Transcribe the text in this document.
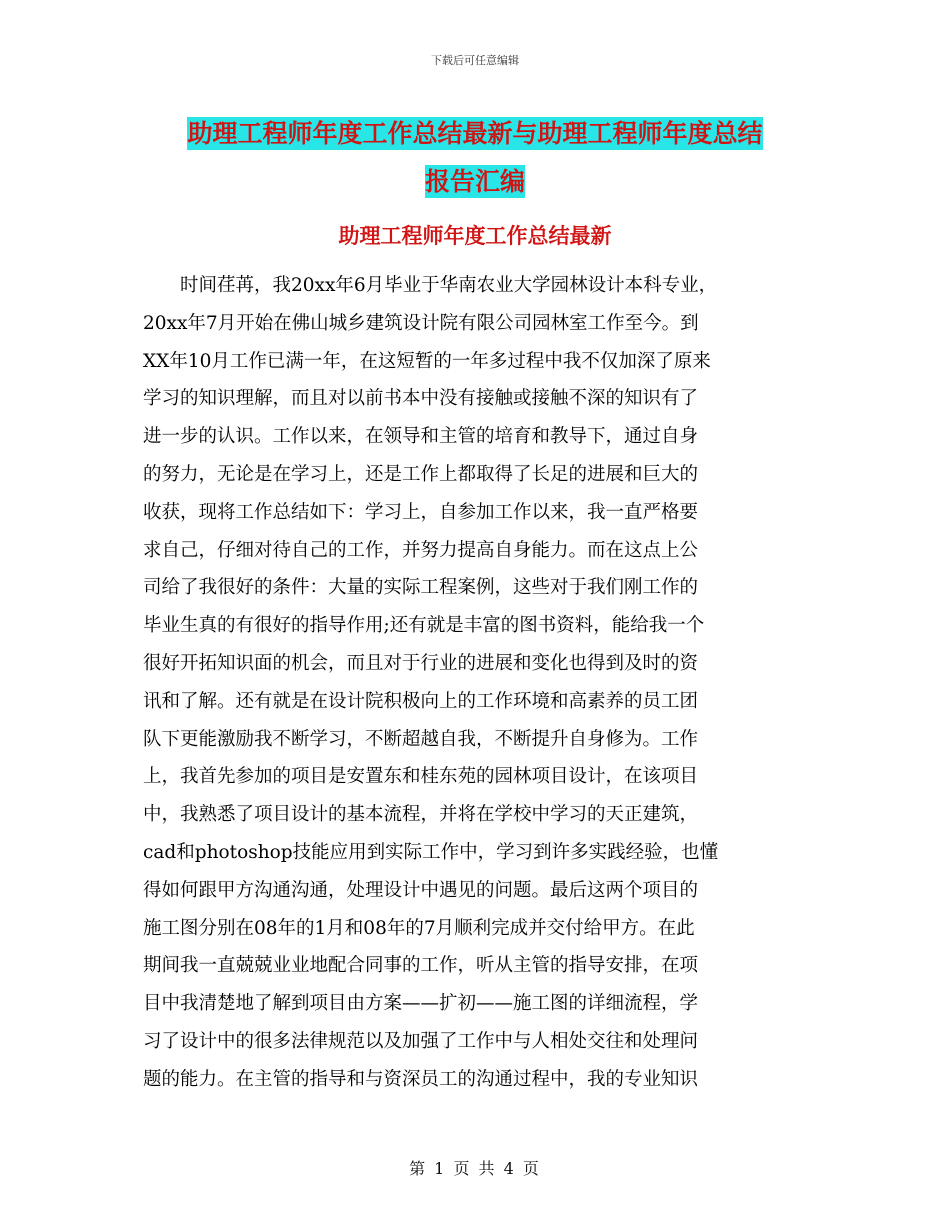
下载后可任意编辑
助理工程师年度工作总结最新与助理工程师年度总结
报告汇编
助理工程师年度工作总结最新
　　时间荏苒，我20xx年6月毕业于华南农业大学园林设计本科专业，
20xx年7月开始在佛山城乡建筑设计院有限公司园林室工作至今。到
XX年10月工作已满一年，在这短暂的一年多过程中我不仅加深了原来
学习的知识理解，而且对以前书本中没有接触或接触不深的知识有了
进一步的认识。工作以来，在领导和主管的培育和教导下，通过自身
的努力，无论是在学习上，还是工作上都取得了长足的进展和巨大的
收获，现将工作总结如下：学习上，自参加工作以来，我一直严格要
求自己，仔细对待自己的工作，并努力提高自身能力。而在这点上公
司给了我很好的条件：大量的实际工程案例，这些对于我们刚工作的
毕业生真的有很好的指导作用;还有就是丰富的图书资料，能给我一个
很好开拓知识面的机会，而且对于行业的进展和变化也得到及时的资
讯和了解。还有就是在设计院积极向上的工作环境和高素养的员工团
队下更能激励我不断学习，不断超越自我，不断提升自身修为。工作
上，我首先参加的项目是安置东和桂东苑的园林项目设计，在该项目
中，我熟悉了项目设计的基本流程，并将在学校中学习的天正建筑，
cad和photoshop技能应用到实际工作中，学习到许多实践经验，也懂
得如何跟甲方沟通沟通，处理设计中遇见的问题。最后这两个项目的
施工图分别在08年的1月和08年的7月顺利完成并交付给甲方。在此
期间我一直兢兢业业地配合同事的工作，听从主管的指导安排，在项
目中我清楚地了解到项目由方案——扩初——施工图的详细流程，学
习了设计中的很多法律规范以及加强了工作中与人相处交往和处理问
题的能力。在主管的指导和与资深员工的沟通过程中，我的专业知识
第 1 页 共 4 页
